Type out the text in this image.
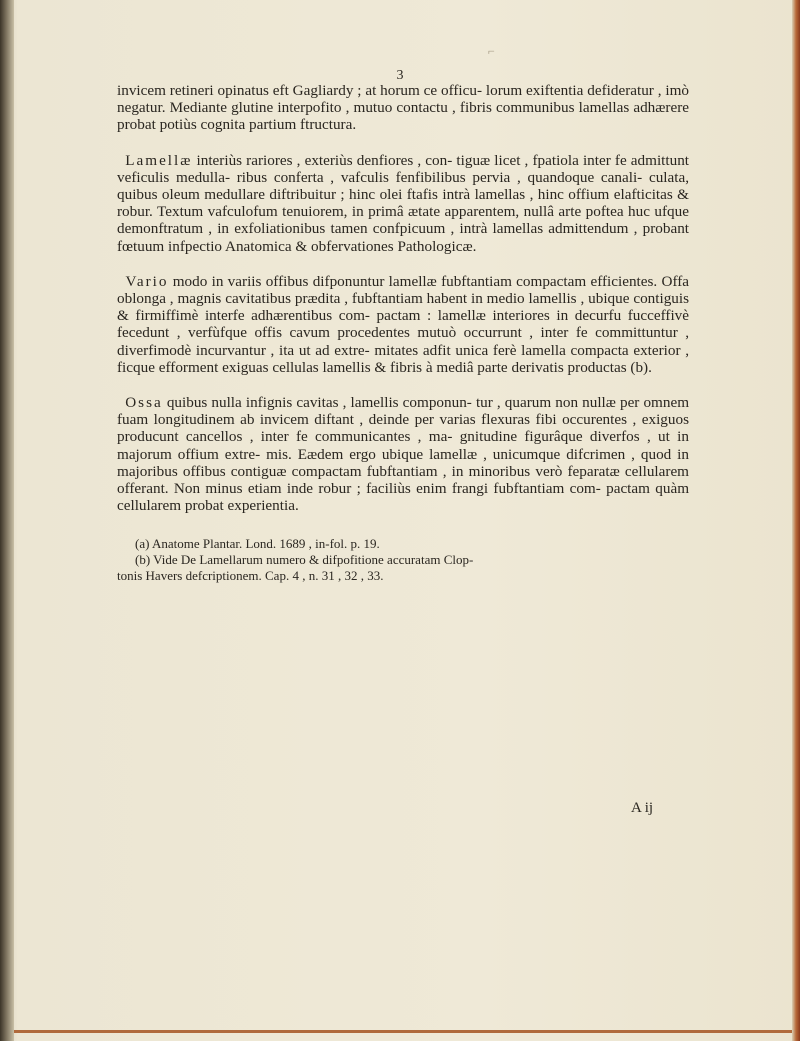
⌐
3

invicem retineri opinatus eft Gagliardy ; at horum ce officu- lorum exiftentia defideratur , imò negatur. Mediante glutine interpofito , mutuo contactu , fibris communibus lamellas adhærere probat potiùs cognita partium ftructura.

Lamellæ interiùs rariores , exteriùs denfiores , con- tiguæ licet , fpatiola inter fe admittunt veficulis medulla- ribus conferta , vafculis fenfibilibus pervia , quandoque canali- culata, quibus oleum medullare diftribuitur ; hinc olei ftafis intrà lamellas , hinc offium elafticitas & robur. Textum vafculofum tenuiorem, in primâ ætate apparentem, nullâ arte poftea huc ufque demonftratum , in exfoliationibus tamen confpicuum , intrà lamellas admittendum , probant fœtuum infpectio Anatomica & obfervationes Pathologicæ.

Vario modo in variis offibus difponuntur lamellæ fubftantiam compactam efficientes. Offa oblonga , magnis cavitatibus prædita , fubftantiam habent in medio lamellis , ubique contiguis & firmiffimè interfe adhærentibus com- pactam : lamellæ interiores in decurfu fucceffivè fecedunt , verfùfque offis cavum procedentes mutuò occurrunt , inter fe committuntur , diverfimodè incurvantur , ita ut ad extre- mitates adfit unica ferè lamella compacta exterior , ficque efforment exiguas cellulas lamellis & fibris à mediâ parte derivatis productas (b).

Ossa quibus nulla infignis cavitas , lamellis componun- tur , quarum non nullæ per omnem fuam longitudinem ab invicem diftant , deinde per varias flexuras fibi occurentes , exiguos producunt cancellos , inter fe communicantes , ma- gnitudine figurâque diverfos , ut in majorum offium extre- mis. Eædem ergo ubique lamellæ , unicumque difcrimen , quod in majoribus offibus contiguæ compactam fubftantiam , in minoribus verò feparatæ cellularem offerant. Non minus etiam inde robur ; faciliùs enim frangi fubftantiam com- pactam quàm cellularem probat experientia.

(a) Anatome Plantar. Lond. 1689 , in-fol. p. 19.

(b) Vide De Lamellarum numero & difpofitione accuratam Clop-

tonis Havers defcriptionem. Cap. 4 , n. 31 , 32 , 33.

A ij
